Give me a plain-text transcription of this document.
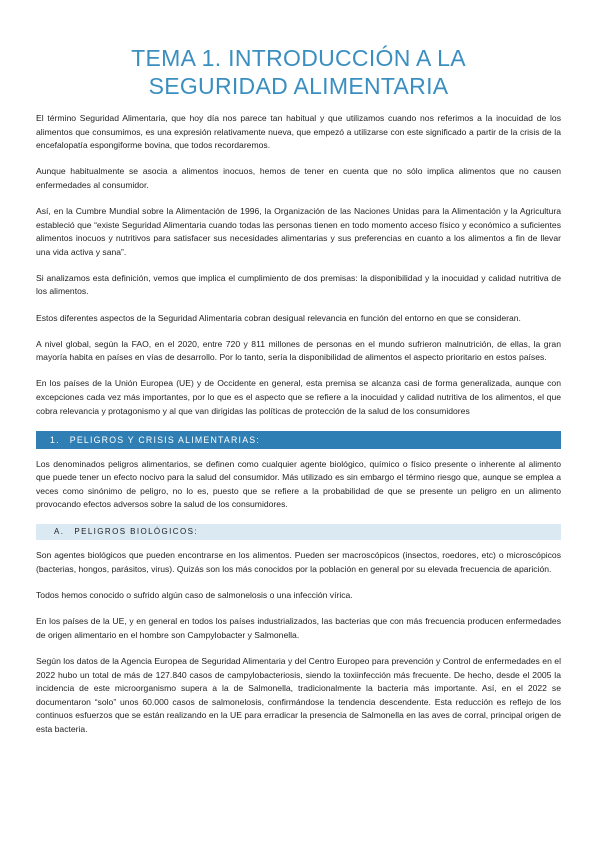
TEMA 1. INTRODUCCIÓN A LA
SEGURIDAD ALIMENTARIA

El término Seguridad Alimentaria, que hoy día nos parece tan habitual y que utilizamos cuando nos referimos a la inocuidad de los alimentos que consumimos, es una expresión relativamente nueva, que empezó a utilizarse con este significado a partir de la crisis de la encefalopatía espongiforme bovina, que todos recordaremos.

Aunque habitualmente se asocia a alimentos inocuos, hemos de tener en cuenta que no sólo implica alimentos que no causen enfermedades al consumidor.

Así, en la Cumbre Mundial sobre la Alimentación de 1996, la Organización de las Naciones Unidas para la Alimentación y la Agricultura estableció que “existe Seguridad Alimentaria cuando todas las personas tienen en todo momento acceso físico y económico a suficientes alimentos inocuos y nutritivos para satisfacer sus necesidades alimentarias y sus preferencias en cuanto a los alimentos a fin de llevar una vida activa y sana”.

Si analizamos esta definición, vemos que implica el cumplimiento de dos premisas: la disponibilidad y la inocuidad y calidad nutritiva de los alimentos.

Estos diferentes aspectos de la Seguridad Alimentaria cobran desigual relevancia en función del entorno en que se consideran.

A nivel global, según la FAO, en el 2020, entre 720 y 811 millones de personas en el mundo sufrieron malnutrición, de ellas, la gran mayoría habita en países en vías de desarrollo. Por lo tanto, sería la disponibilidad de alimentos el aspecto prioritario en estos países.

En los países de la Unión Europea (UE) y de Occidente en general, esta premisa se alcanza casi de forma generalizada, aunque con excepciones cada vez más importantes, por lo que es el aspecto que se refiere a la inocuidad y calidad nutritiva de los alimentos, el que cobra relevancia y protagonismo y al que van dirigidas las políticas de protección de la salud de los consumidores

1. PELIGROS Y CRISIS ALIMENTARIAS:

Los denominados peligros alimentarios, se definen como cualquier agente biológico, químico o físico presente o inherente al alimento que puede tener un efecto nocivo para la salud del consumidor. Más utilizado es sin embargo el término riesgo que, aunque se emplea a veces como sinónimo de peligro, no lo es, puesto que se refiere a la probabilidad de que se presente un peligro en un alimento provocando efectos adversos sobre la salud de los consumidores.

A. PELIGROS BIOLÓGICOS:

Son agentes biológicos que pueden encontrarse en los alimentos. Pueden ser macroscópicos (insectos, roedores, etc) o microscópicos (bacterias, hongos, parásitos, virus). Quizás son los más conocidos por la población en general por su elevada frecuencia de aparición.

Todos hemos conocido o sufrido algún caso de salmonelosis o una infección vírica.

En los países de la UE, y en general en todos los países industrializados, las bacterias que con más frecuencia producen enfermedades de origen alimentario en el hombre son Campylobacter y Salmonella.

Según los datos de la Agencia Europea de Seguridad Alimentaria y del Centro Europeo para prevención y Control de enfermedades en el 2022 hubo un total de más de 127.840 casos de campylobacteriosis, siendo la toxiinfección más frecuente. De hecho, desde el 2005 la incidencia de este microorganismo supera a la de Salmonella, tradicionalmente la bacteria más importante. Así, en el 2022 se documentaron “solo” unos 60.000 casos de salmonelosis, confirmándose la tendencia descendente. Esta reducción es reflejo de los continuos esfuerzos que se están realizando en la UE para erradicar la presencia de Salmonella en las aves de corral, principal origen de esta bacteria.
